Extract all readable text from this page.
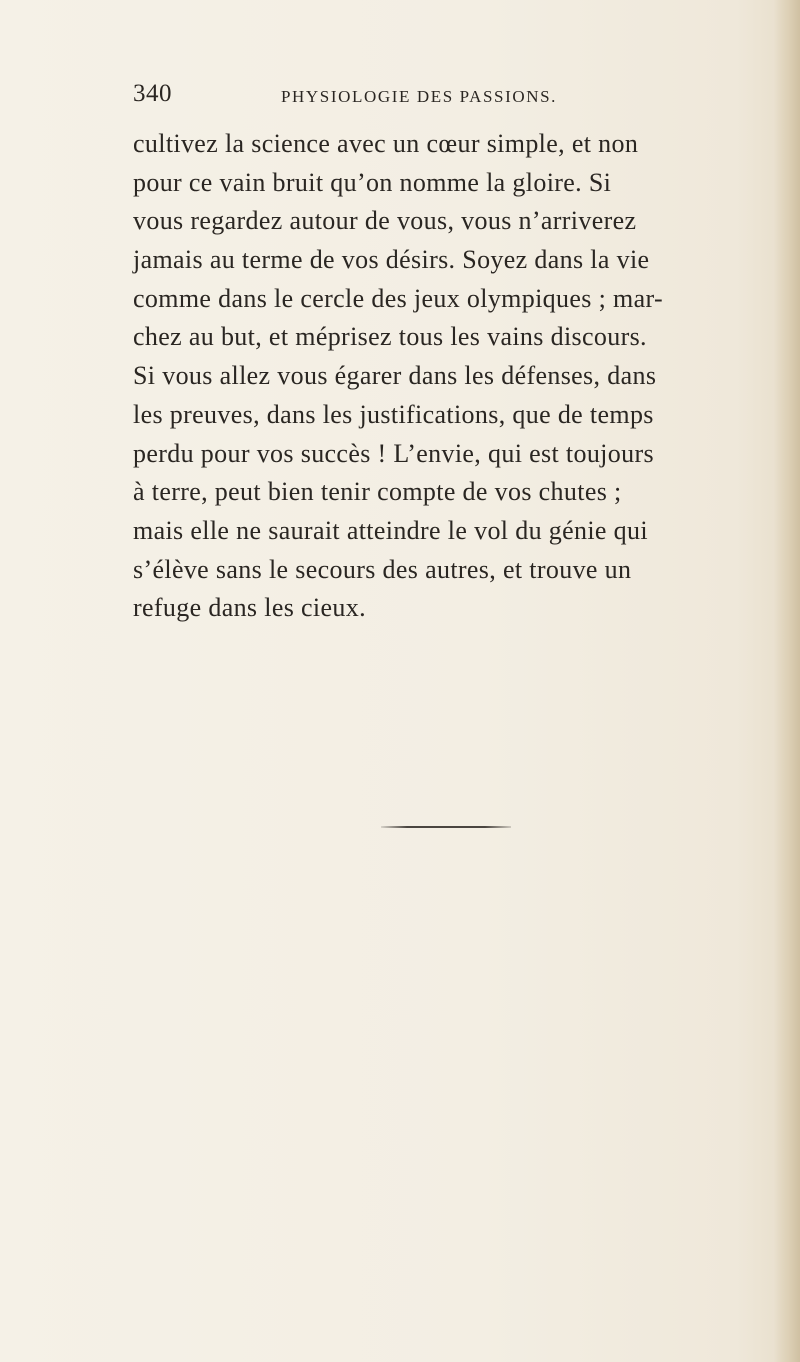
340	PHYSIOLOGIE DES PASSIONS.
cultivez la science avec un cœur simple, et non
pour ce vain bruit qu’on nomme la gloire. Si
vous regardez autour de vous, vous n’arriverez
jamais au terme de vos désirs. Soyez dans la vie
comme dans le cercle des jeux olympiques ; mar-
chez au but, et méprisez tous les vains discours.
Si vous allez vous égarer dans les défenses, dans
les preuves, dans les justifications, que de temps
perdu pour vos succès ! L’envie, qui est toujours
à terre, peut bien tenir compte de vos chutes ;
mais elle ne saurait atteindre le vol du génie qui
s’élève sans le secours des autres, et trouve un
refuge dans les cieux.
